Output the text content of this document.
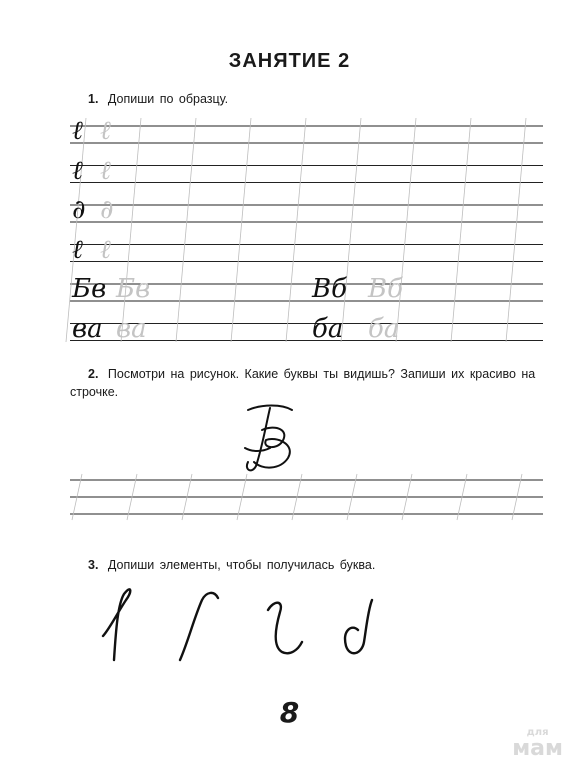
ЗАНЯТИЕ 2
1. Допиши по образцу.
ℓ ℓ
ℓ ℓ
∂ ∂
ℓ ℓ
Бв Бв	Вб Вб
ва ва	ба ба
2. Посмотри на рисунок. Какие буквы ты видишь? Запиши их красиво на строчке.
3. Допиши элементы, чтобы получилась буква.
8
для
мам
